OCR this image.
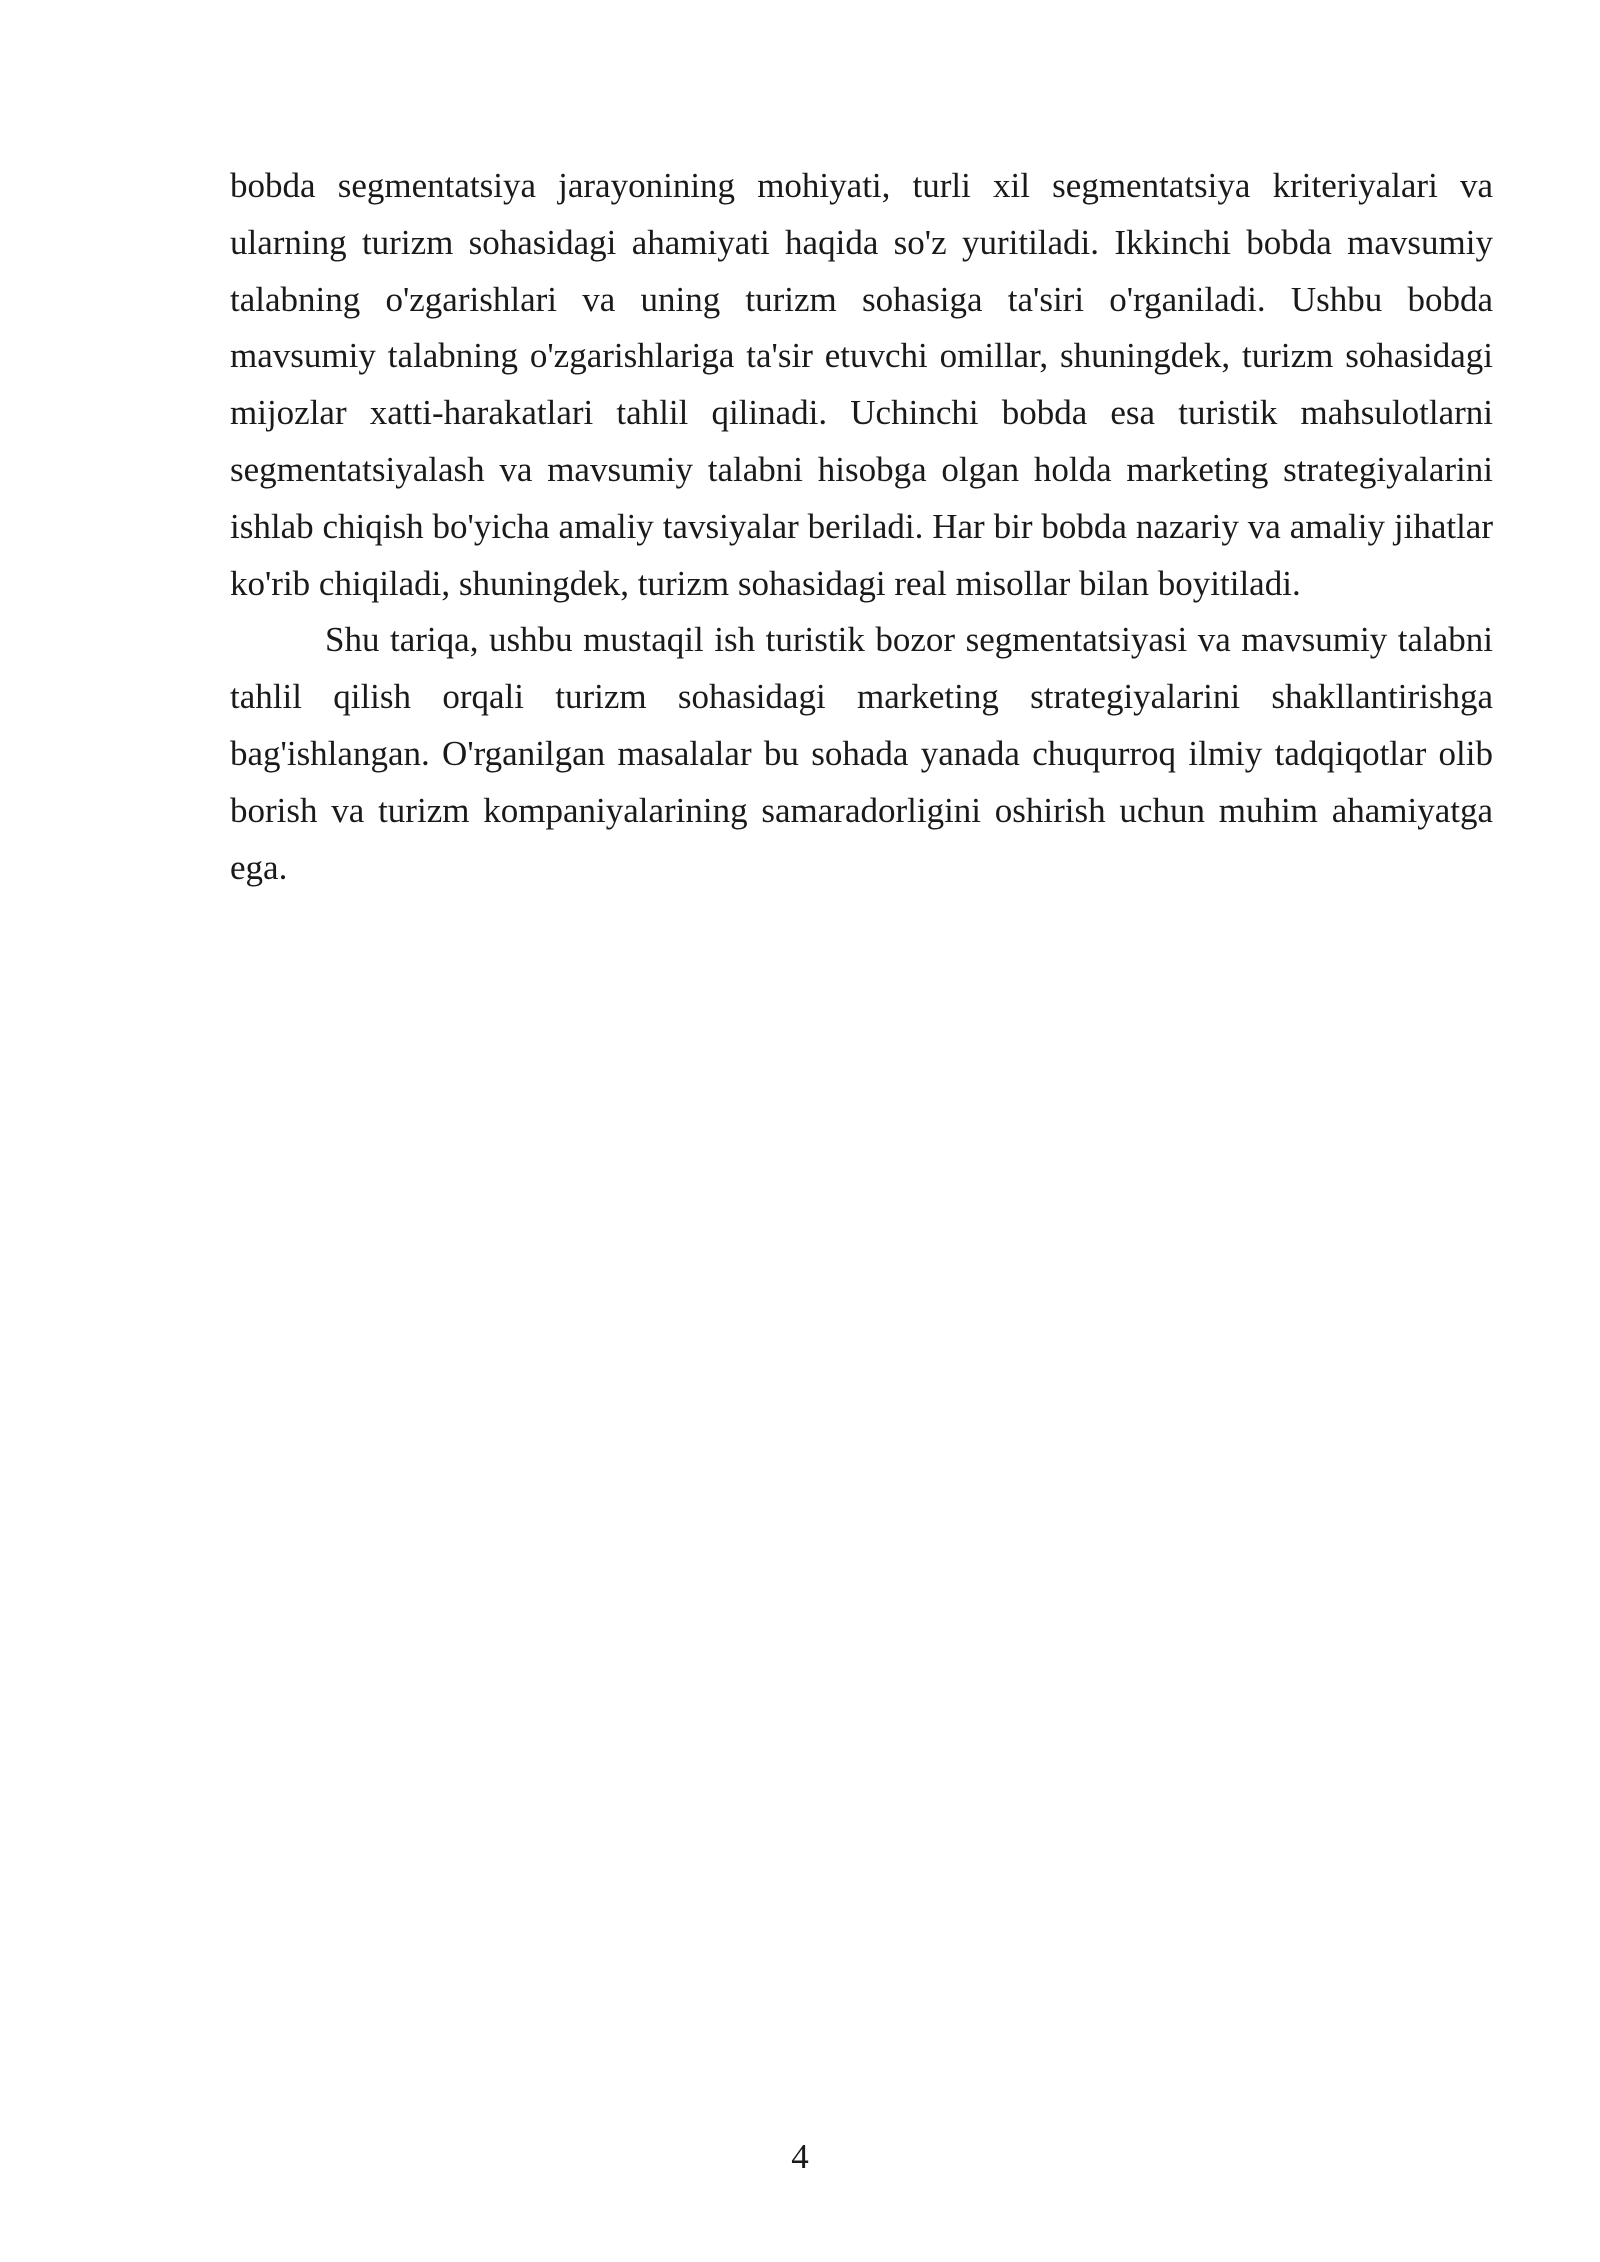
bobda segmentatsiya jarayonining mohiyati, turli xil segmentatsiya kriteriyalari va ularning turizm sohasidagi ahamiyati haqida so'z yuritiladi. Ikkinchi bobda mavsumiy talabning o'zgarishlari va uning turizm sohasiga ta'siri o'rganiladi. Ushbu bobda mavsumiy talabning o'zgarishlariga ta'sir etuvchi omillar, shuningdek, turizm sohasidagi mijozlar xatti-harakatlari tahlil qilinadi. Uchinchi bobda esa turistik mahsulotlarni segmentatsiyalash va mavsumiy talabni hisobga olgan holda marketing strategiyalarini ishlab chiqish bo'yicha amaliy tavsiyalar beriladi. Har bir bobda nazariy va amaliy jihatlar ko'rib chiqiladi, shuningdek, turizm sohasidagi real misollar bilan boyitiladi.

Shu tariqa, ushbu mustaqil ish turistik bozor segmentatsiyasi va mavsumiy talabni tahlil qilish orqali turizm sohasidagi marketing strategiyalarini shakllantirishga bag'ishlangan. O'rganilgan masalalar bu sohada yanada chuqurroq ilmiy tadqiqotlar olib borish va turizm kompaniyalarining samaradorligini oshirish uchun muhim ahamiyatga ega.

4
